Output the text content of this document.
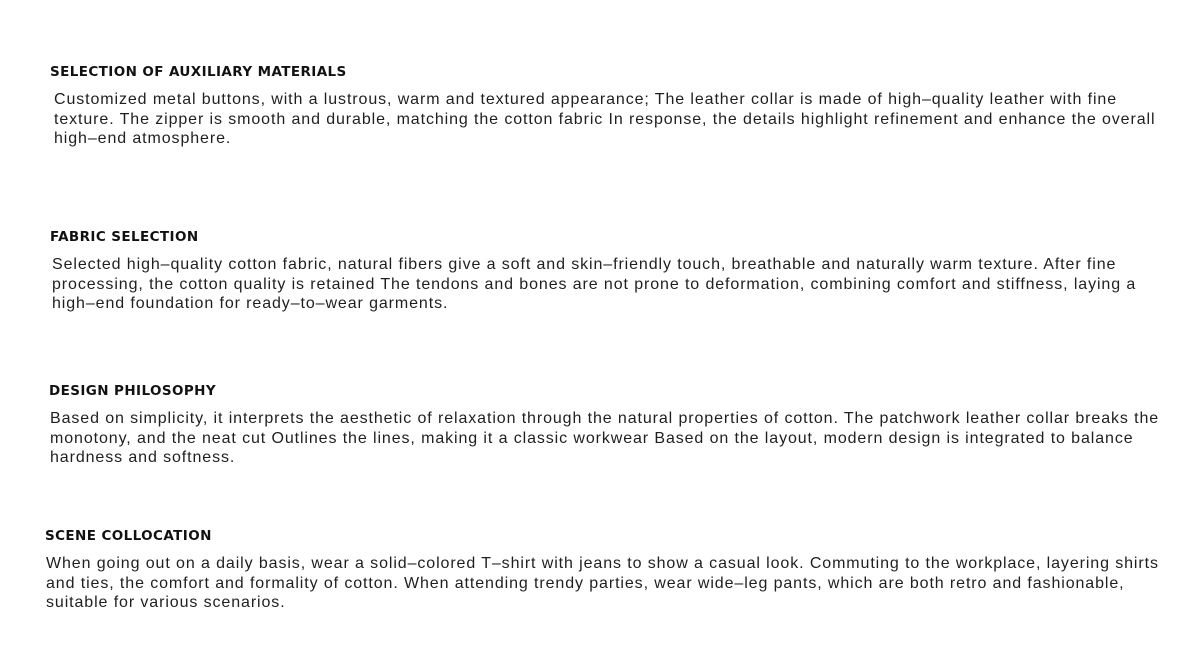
SELECTION OF AUXILIARY MATERIALS

Customized metal buttons, with a lustrous, warm and textured appearance; The leather collar is made of high–quality leather with fine texture. The zipper is smooth and durable, matching the cotton fabric In response, the details highlight refinement and enhance the overall high–end atmosphere.

FABRIC SELECTION

Selected high–quality cotton fabric, natural fibers give a soft and skin–friendly touch, breathable and naturally warm texture. After fine processing, the cotton quality is retained The tendons and bones are not prone to deformation, combining comfort and stiffness, laying a high–end foundation for ready–to–wear garments.

DESIGN PHILOSOPHY

Based on simplicity, it interprets the aesthetic of relaxation through the natural properties of cotton. The patchwork leather collar breaks the monotony, and the neat cut Outlines the lines, making it a classic workwear Based on the layout, modern design is integrated to balance hardness and softness.

SCENE COLLOCATION

When going out on a daily basis, wear a solid–colored T–shirt with jeans to show a casual look. Commuting to the workplace, layering shirts and ties, the comfort and formality of cotton. When attending trendy parties, wear wide–leg pants, which are both retro and fashionable, suitable for various scenarios.
